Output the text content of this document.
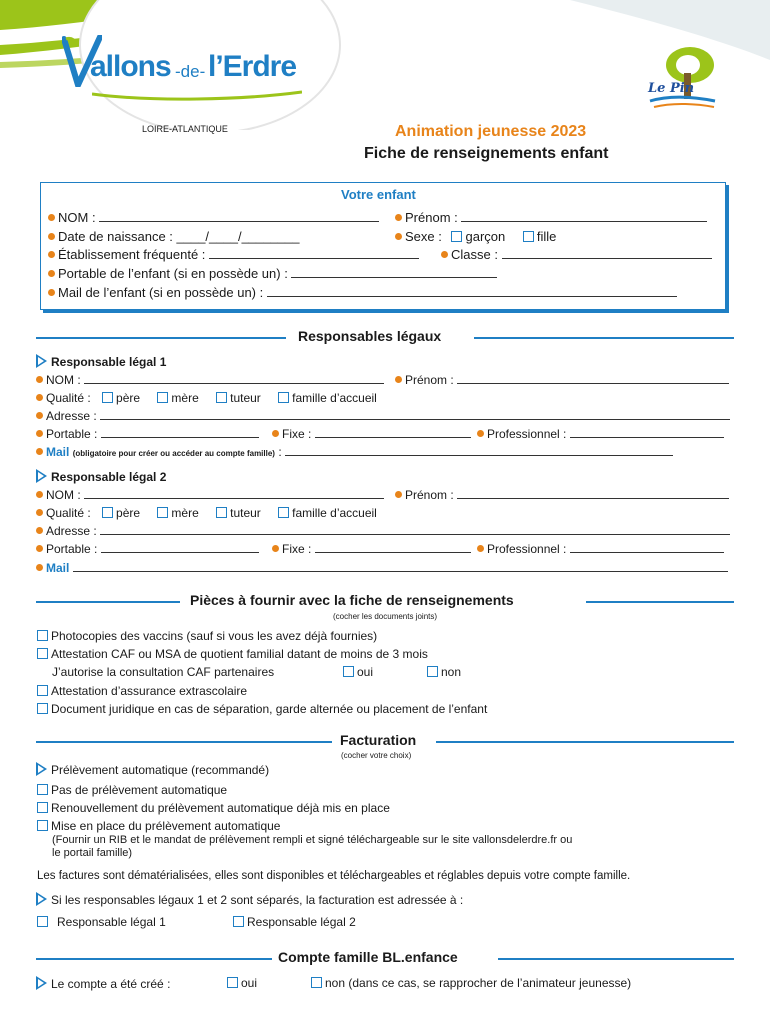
allons -de- l’Erdre
LOIRE-ATLANTIQUE
Le Pin
Animation jeunesse 2023
Fiche de renseignements enfant
Votre enfant
NOM :	Prénom :
Date de naissance : ____/____/________	Sexe : garçon fille
Établissement fréquenté :	Classe :
Portable de l’enfant (si en possède un) :
Mail de l’enfant (si en possède un) :
Responsables légaux
Responsable légal 1
NOM :	Prénom :
Qualité : père	mère	tuteur	famille d’accueil
Adresse :
Portable :	Fixe :	Professionnel :
Mail (obligatoire pour créer ou accéder au compte famille) :
Responsable légal 2
NOM :	Prénom :
Qualité : père	mère	tuteur	famille d’accueil
Adresse :
Portable :	Fixe :	Professionnel :
Mail
Pièces à fournir avec la fiche de renseignements
(cocher les documents joints)
Photocopies des vaccins (sauf si vous les avez déjà fournies)
Attestation CAF ou MSA de quotient familial datant de moins de 3 mois
J’autorise la consultation CAF partenaires	oui	non
Attestation d’assurance extrascolaire
Document juridique en cas de séparation, garde alternée ou placement de l’enfant
Facturation
(cocher votre choix)
Prélèvement automatique (recommandé)
Pas de prélèvement automatique
Renouvellement du prélèvement automatique déjà mis en place
Mise en place du prélèvement automatique
(Fournir un RIB et le mandat de prélèvement rempli et signé téléchargeable sur le site vallonsdelerdre.fr ou
le portail famille)
Les factures sont dématérialisées, elles sont disponibles et téléchargeables et réglables depuis votre compte famille.
Si les responsables légaux 1 et 2 sont séparés, la facturation est adressée à :
Responsable légal 1	Responsable légal 2
Compte famille BL.enfance
Le compte a été créé :	oui	non (dans ce cas, se rapprocher de l’animateur jeunesse)
